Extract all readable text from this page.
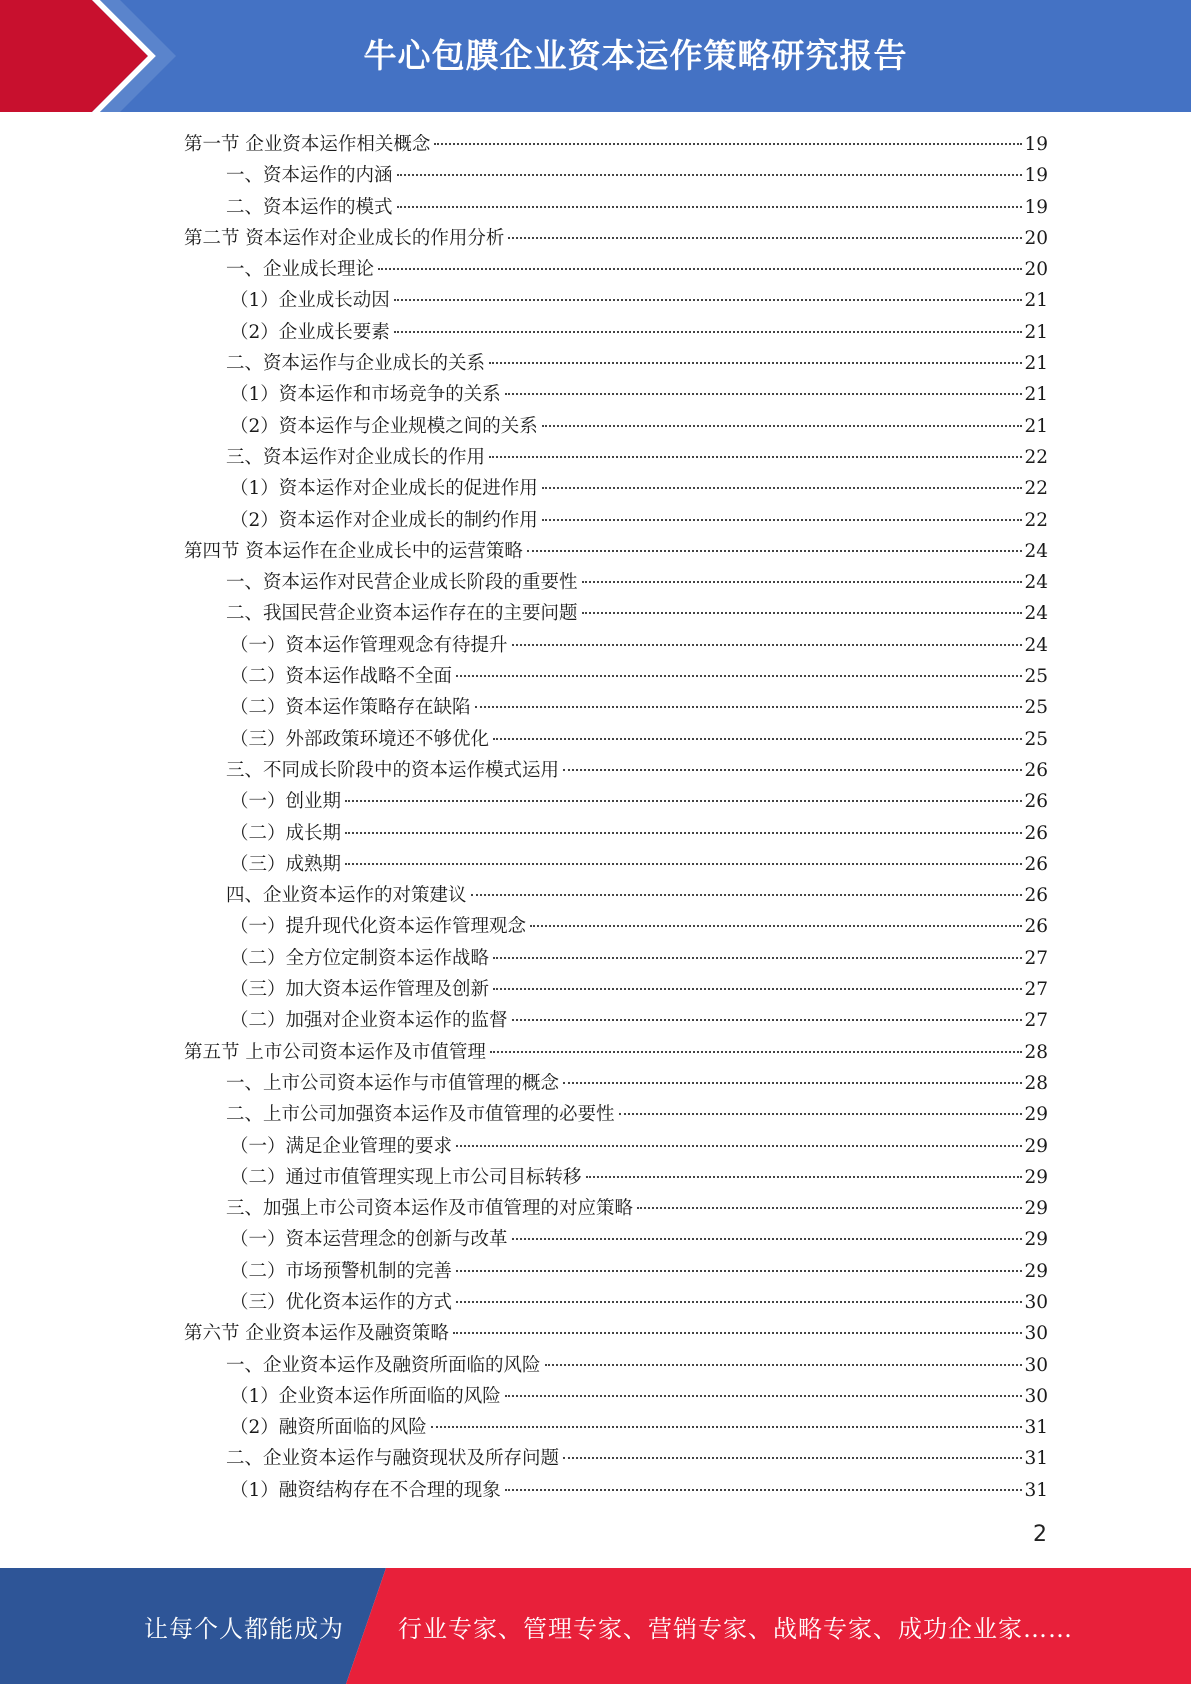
牛心包膜企业资本运作策略研究报告
第一节 企业资本运作相关概念	19
一、资本运作的内涵	19
二、资本运作的模式	19
第二节 资本运作对企业成长的作用分析	20
一、企业成长理论	20
（1）企业成长动因	21
（2）企业成长要素	21
二、资本运作与企业成长的关系	21
（1）资本运作和市场竞争的关系	21
（2）资本运作与企业规模之间的关系	21
三、资本运作对企业成长的作用	22
（1）资本运作对企业成长的促进作用	22
（2）资本运作对企业成长的制约作用	22
第四节 资本运作在企业成长中的运营策略	24
一、资本运作对民营企业成长阶段的重要性	24
二、我国民营企业资本运作存在的主要问题	24
（一）资本运作管理观念有待提升	24
（二）资本运作战略不全面	25
（二）资本运作策略存在缺陷	25
（三）外部政策环境还不够优化	25
三、不同成长阶段中的资本运作模式运用	26
（一）创业期	26
（二）成长期	26
（三）成熟期	26
四、企业资本运作的对策建议	26
（一）提升现代化资本运作管理观念	26
（二）全方位定制资本运作战略	27
（三）加大资本运作管理及创新	27
（二）加强对企业资本运作的监督	27
第五节 上市公司资本运作及市值管理	28
一、上市公司资本运作与市值管理的概念	28
二、上市公司加强资本运作及市值管理的必要性	29
（一）满足企业管理的要求	29
（二）通过市值管理实现上市公司目标转移	29
三、加强上市公司资本运作及市值管理的对应策略	29
（一）资本运营理念的创新与改革	29
（二）市场预警机制的完善	29
（三）优化资本运作的方式	30
第六节 企业资本运作及融资策略	30
一、企业资本运作及融资所面临的风险	30
（1）企业资本运作所面临的风险	30
（2）融资所面临的风险	31
二、企业资本运作与融资现状及所存问题	31
（1）融资结构存在不合理的现象	31
2
让每个人都能成为 行业专家、管理专家、营销专家、战略专家、成功企业家……
